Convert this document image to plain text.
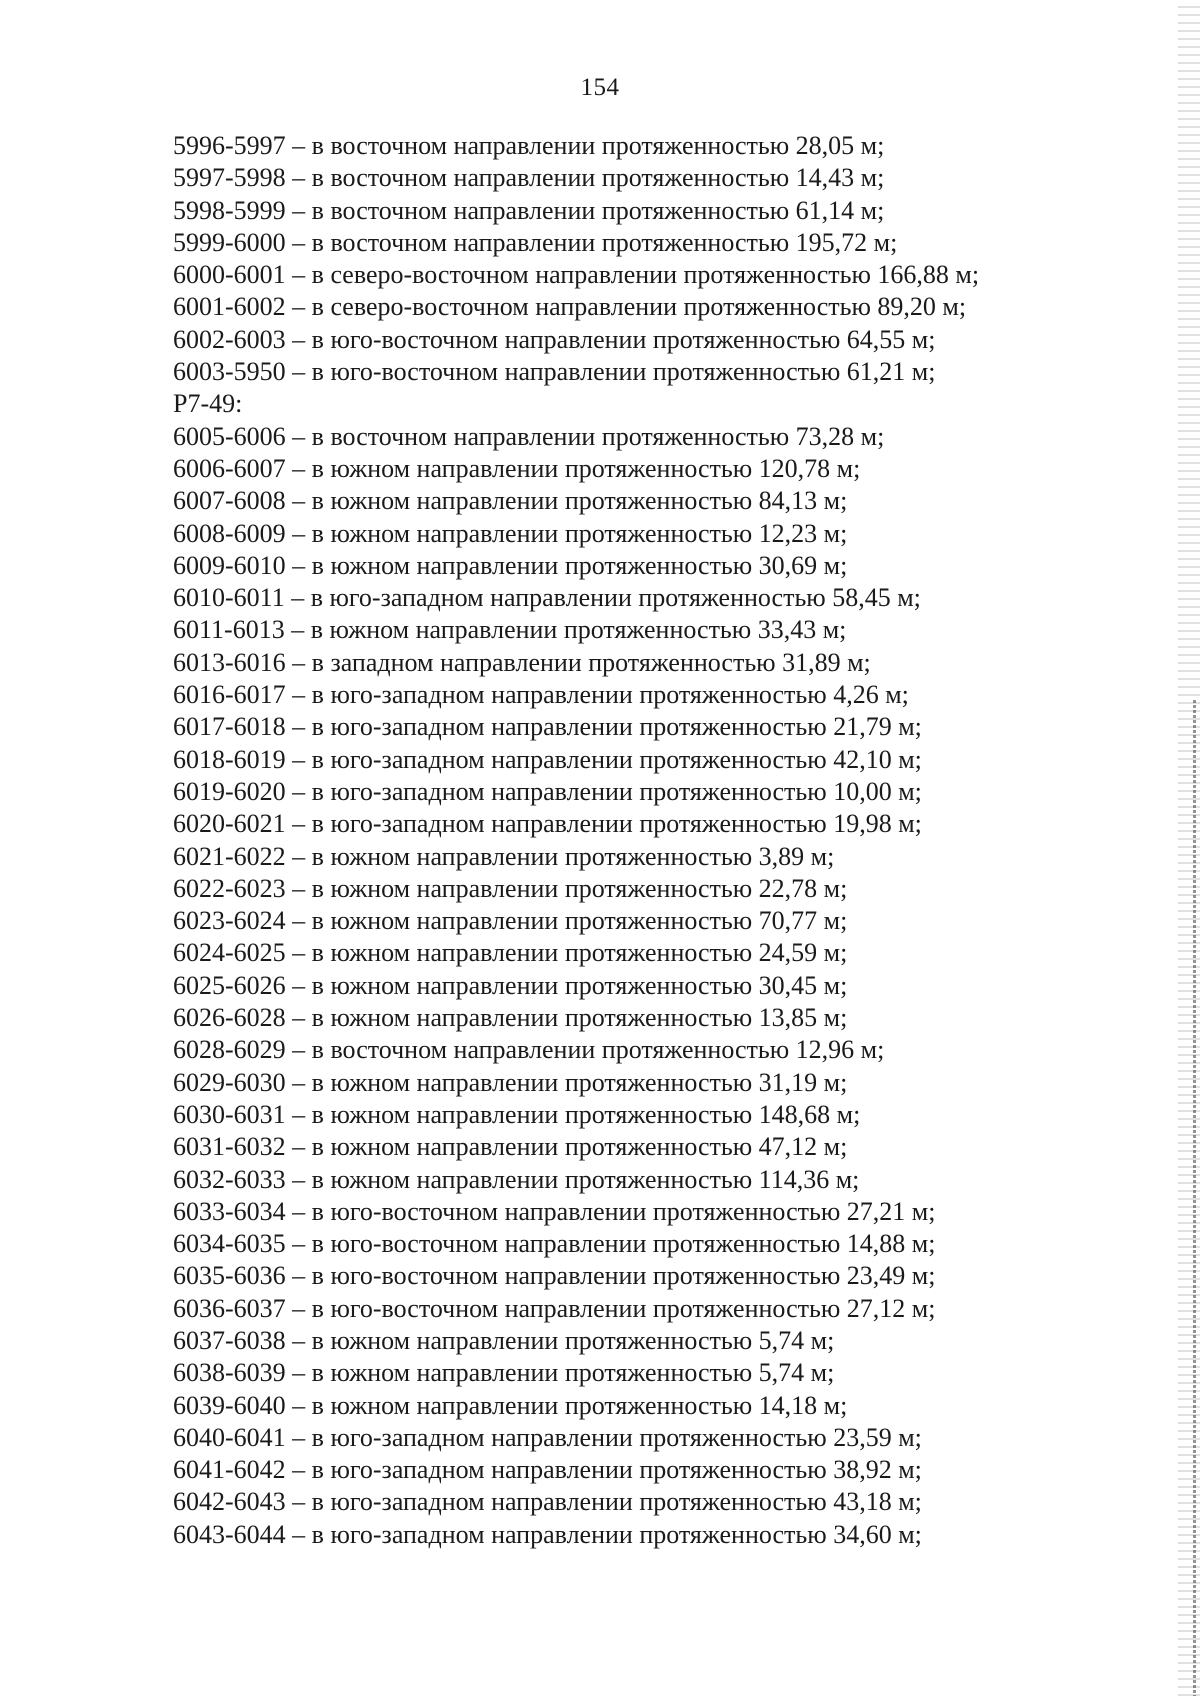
154
5996-5997 – в восточном направлении протяженностью 28,05 м;
5997-5998 – в восточном направлении протяженностью 14,43 м;
5998-5999 – в восточном направлении протяженностью 61,14 м;
5999-6000 – в восточном направлении протяженностью 195,72 м;
6000-6001 – в северо-восточном направлении протяженностью 166,88 м;
6001-6002 – в северо-восточном направлении протяженностью 89,20 м;
6002-6003 – в юго-восточном направлении протяженностью 64,55 м;
6003-5950 – в юго-восточном направлении протяженностью 61,21 м;
Р7-49:
6005-6006 – в восточном направлении протяженностью 73,28 м;
6006-6007 – в южном направлении протяженностью 120,78 м;
6007-6008 – в южном направлении протяженностью 84,13 м;
6008-6009 – в южном направлении протяженностью 12,23 м;
6009-6010 – в южном направлении протяженностью 30,69 м;
6010-6011 – в юго-западном направлении протяженностью 58,45 м;
6011-6013 – в южном направлении протяженностью 33,43 м;
6013-6016 – в западном направлении протяженностью 31,89 м;
6016-6017 – в юго-западном направлении протяженностью 4,26 м;
6017-6018 – в юго-западном направлении протяженностью 21,79 м;
6018-6019 – в юго-западном направлении протяженностью 42,10 м;
6019-6020 – в юго-западном направлении протяженностью 10,00 м;
6020-6021 – в юго-западном направлении протяженностью 19,98 м;
6021-6022 – в южном направлении протяженностью 3,89 м;
6022-6023 – в южном направлении протяженностью 22,78 м;
6023-6024 – в южном направлении протяженностью 70,77 м;
6024-6025 – в южном направлении протяженностью 24,59 м;
6025-6026 – в южном направлении протяженностью 30,45 м;
6026-6028 – в южном направлении протяженностью 13,85 м;
6028-6029 – в восточном направлении протяженностью 12,96 м;
6029-6030 – в южном направлении протяженностью 31,19 м;
6030-6031 – в южном направлении протяженностью 148,68 м;
6031-6032 – в южном направлении протяженностью 47,12 м;
6032-6033 – в южном направлении протяженностью 114,36 м;
6033-6034 – в юго-восточном направлении протяженностью 27,21 м;
6034-6035 – в юго-восточном направлении протяженностью 14,88 м;
6035-6036 – в юго-восточном направлении протяженностью 23,49 м;
6036-6037 – в юго-восточном направлении протяженностью 27,12 м;
6037-6038 – в южном направлении протяженностью 5,74 м;
6038-6039 – в южном направлении протяженностью 5,74 м;
6039-6040 – в южном направлении протяженностью 14,18 м;
6040-6041 – в юго-западном направлении протяженностью 23,59 м;
6041-6042 – в юго-западном направлении протяженностью 38,92 м;
6042-6043 – в юго-западном направлении протяженностью 43,18 м;
6043-6044 – в юго-западном направлении протяженностью 34,60 м;
